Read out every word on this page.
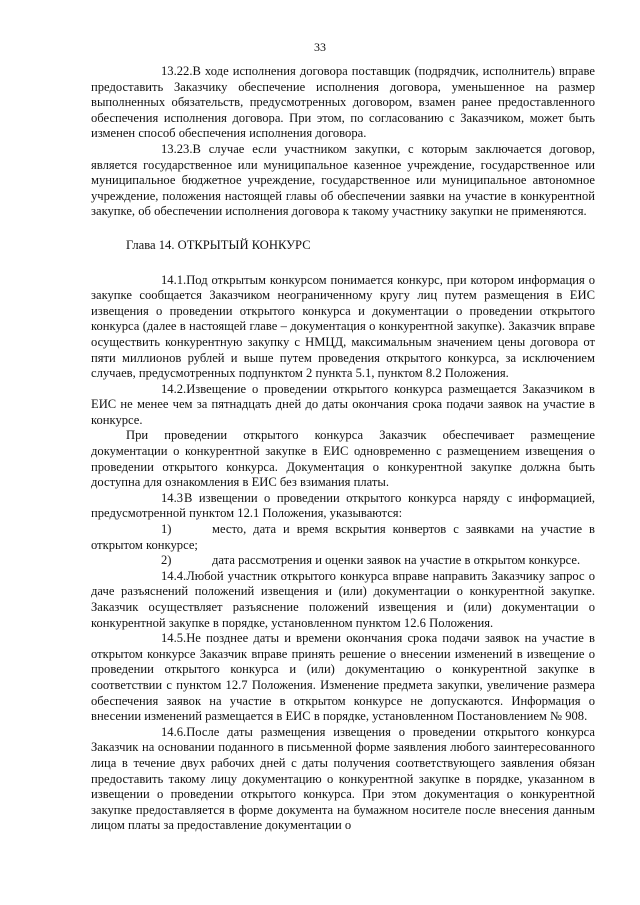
33

13.22.В ходе исполнения договора поставщик (подрядчик, исполнитель) вправе предоставить Заказчику обеспечение исполнения договора, уменьшенное на размер выполненных обязательств, предусмотренных договором, взамен ранее предоставленного обеспечения исполнения договора. При этом, по согласованию с Заказчиком, может быть изменен способ обеспечения исполнения договора.

13.23.В случае если участником закупки, с которым заключается договор, является государственное или муниципальное казенное учреждение, государственное или муниципальное бюджетное учреждение, государственное или муниципальное автономное учреждение, положения настоящей главы об обеспечении заявки на участие в конкурентной закупке, об обеспечении исполнения договора к такому участнику закупки не применяются.

Глава 14. ОТКРЫТЫЙ КОНКУРС

14.1.Под открытым конкурсом понимается конкурс, при котором информация о закупке сообщается Заказчиком неограниченному кругу лиц путем размещения в ЕИС извещения о проведении открытого конкурса и документации о проведении открытого конкурса (далее в настоящей главе – документация о конкурентной закупке). Заказчик вправе осуществить конкурентную закупку с НМЦД, максимальным значением цены договора от пяти миллионов рублей и выше путем проведения открытого конкурса, за исключением случаев, предусмотренных подпунктом 2 пункта 5.1, пунктом 8.2 Положения.

14.2.Извещение о проведении открытого конкурса размещается Заказчиком в ЕИС не менее чем за пятнадцать дней до даты окончания срока подачи заявок на участие в конкурсе.

При проведении открытого конкурса Заказчик обеспечивает размещение документации о конкурентной закупке в ЕИС одновременно с размещением извещения о проведении открытого конкурса. Документация о конкурентной закупке должна быть доступна для ознакомления в ЕИС без взимания платы.

14.3В извещении о проведении открытого конкурса наряду с информацией, предусмотренной пунктом 12.1 Положения, указываются:

1)	место, дата и время вскрытия конвертов с заявками на участие в открытом конкурсе;

2)	дата рассмотрения и оценки заявок на участие в открытом конкурсе.

14.4.Любой участник открытого конкурса вправе направить Заказчику запрос о даче разъяснений положений извещения и (или) документации о конкурентной закупке. Заказчик осуществляет разъяснение положений извещения и (или) документации о конкурентной закупке в порядке, установленном пунктом 12.6 Положения.

14.5.Не позднее даты и времени окончания срока подачи заявок на участие в открытом конкурсе Заказчик вправе принять решение о внесении изменений в извещение о проведении открытого конкурса и (или) документацию о конкурентной закупке в соответствии с пунктом 12.7 Положения. Изменение предмета закупки, увеличение размера обеспечения заявок на участие в открытом конкурсе не допускаются. Информация о внесении изменений размещается в ЕИС в порядке, установленном Постановлением № 908.

14.6.После даты размещения извещения о проведении открытого конкурса Заказчик на основании поданного в письменной форме заявления любого заинтересованного лица в течение двух рабочих дней с даты получения соответствующего заявления обязан предоставить такому лицу документацию о конкурентной закупке в порядке, указанном в извещении о проведении открытого конкурса. При этом документация о конкурентной закупке предоставляется в форме документа на бумажном носителе после внесения данным лицом платы за предоставление документации о
